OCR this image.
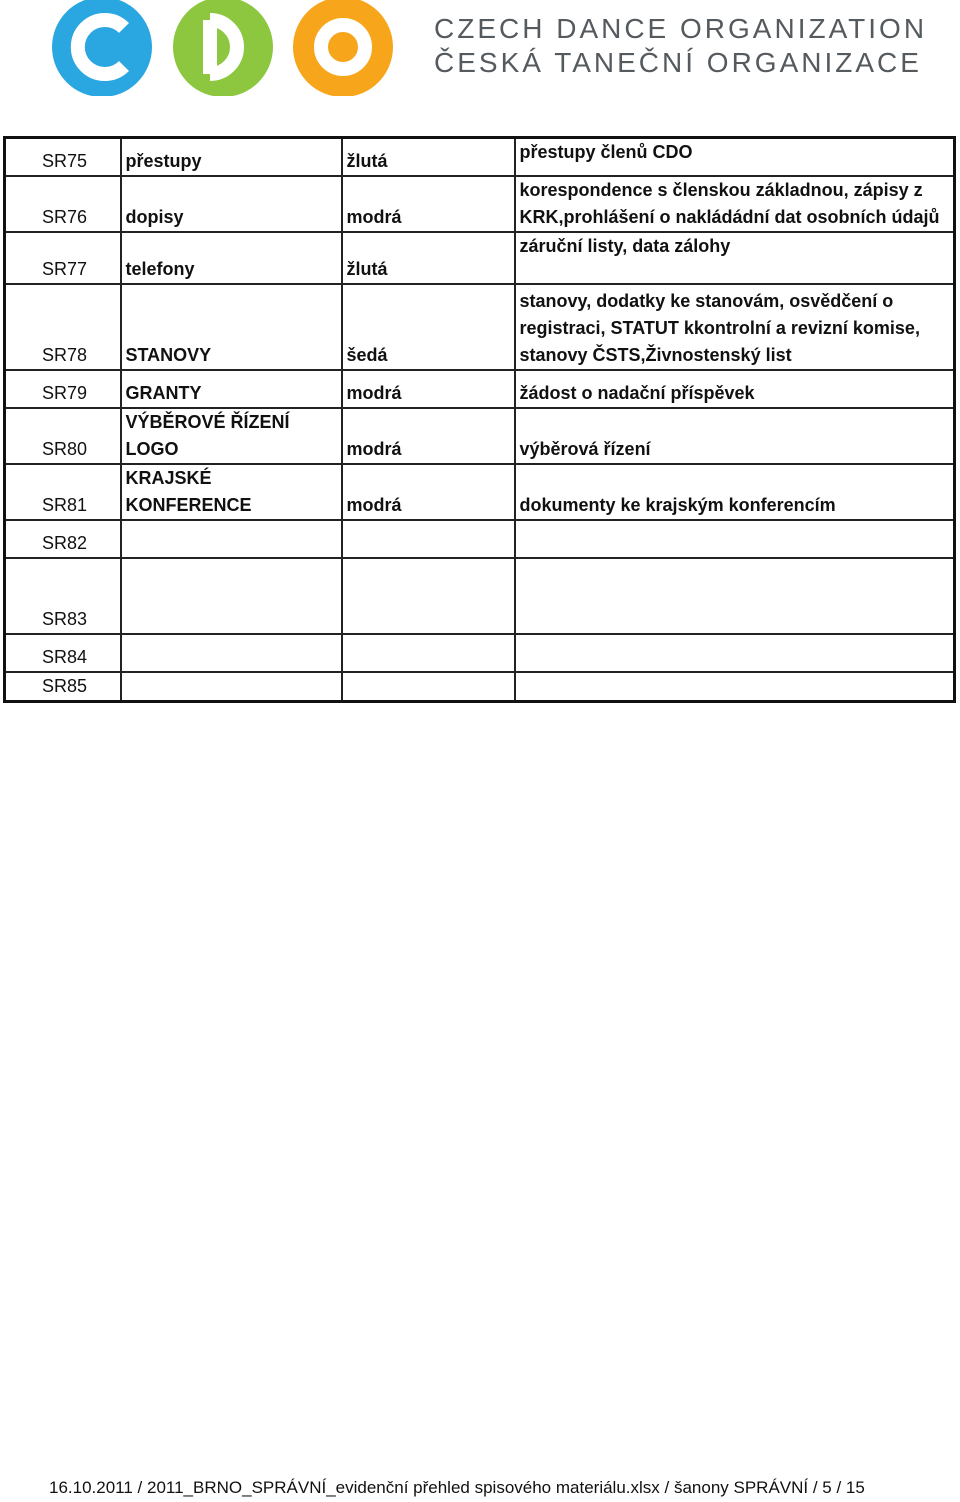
CZECH DANCE ORGANIZATION
ČESKÁ TANEČNÍ ORGANIZACE
SR75	přestupy	žlutá	přestupy členů CDO

SR76	dopisy	modrá	korespondence s členskou základnou, zápisy z
KRK,prohlášení o nakládádní dat osobních údajů

SR77	telefony	žlutá	záruční listy, data zálohy

SR78	STANOVY	šedá	stanovy, dodatky ke stanovám, osvědčení o
registraci, STATUT kkontrolní a revizní komise,
stanovy ČSTS,Živnostenský list

SR79	GRANTY	modrá	žádost o nadační příspěvek

SR80	VÝBĚROVÉ ŘÍZENÍ LOGO	modrá	výběrová řízení

SR81	KRAJSKÉ KONFERENCE	modrá	dokumenty ke krajským konferencím

SR82			
SR83			
SR84			
SR85			
16.10.2011 / 2011_BRNO_SPRÁVNÍ_evidenční přehled spisového materiálu.xlsx / šanony SPRÁVNÍ / 5 / 15
